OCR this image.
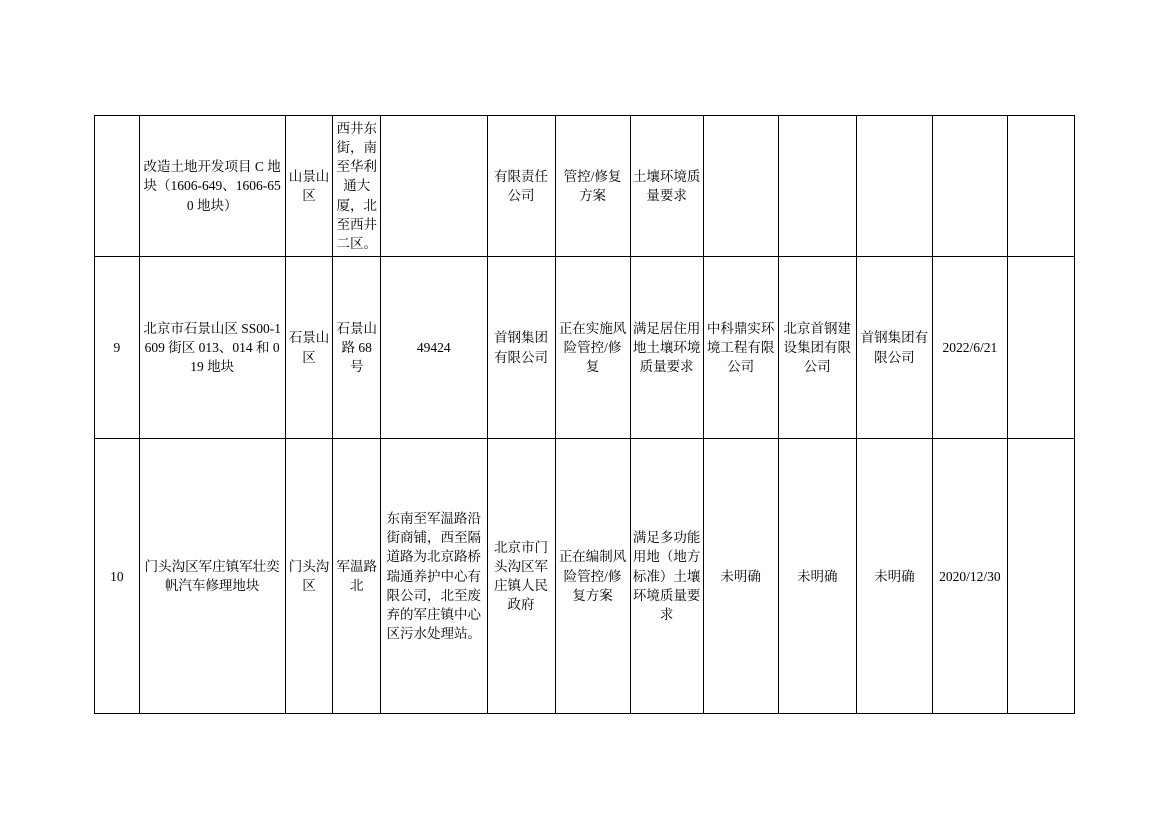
	改造土地开发项目 C 地块（1606-649、1606-650 地块）	山景山区	西井东街，南至华利通大厦，北至西井二区。		有限责任公司	管控/修复方案	土壤环境质量要求					
9	北京市石景山区 SS00-1609 街区 013、014 和 019 地块	石景山区	石景山路 68 号	49424	首钢集团有限公司	正在实施风险管控/修复	满足居住用地土壤环境质量要求	中科鼎实环境工程有限公司	北京首钢建设集团有限公司	首钢集团有限公司	2022/6/21	
10	门头沟区军庄镇军壮奕帆汽车修理地块	门头沟区	军温路北	东南至军温路沿街商铺，西至隔道路为北京路桥瑞通养护中心有限公司，北至废弃的军庄镇中心区污水处理站。	北京市门头沟区军庄镇人民政府	正在编制风险管控/修复方案	满足多功能用地（地方标准）土壤环境质量要求	未明确	未明确	未明确	2020/12/30	
